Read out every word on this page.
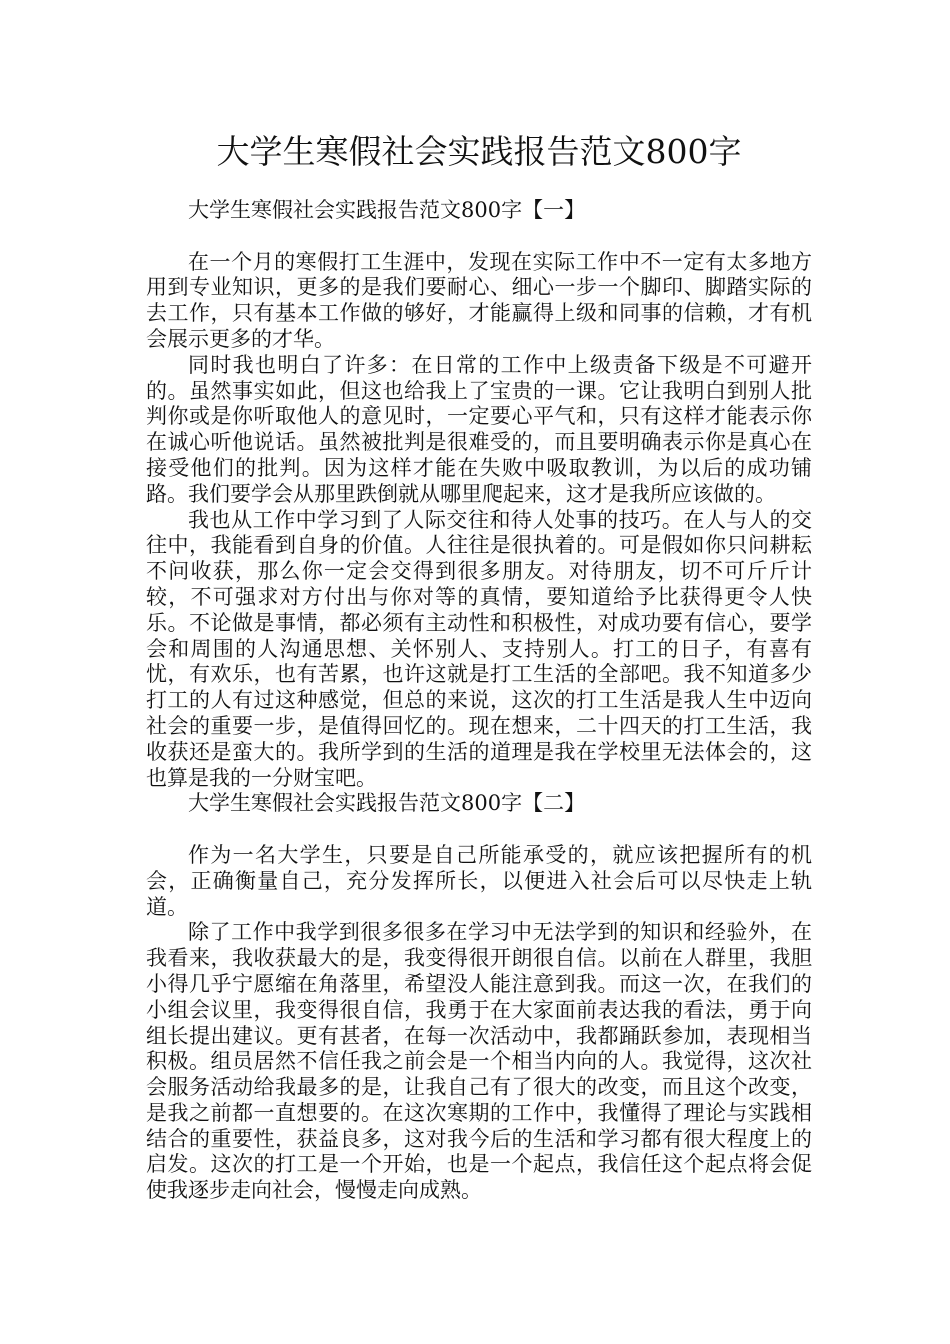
大学生寒假社会实践报告范文800字

大学生寒假社会实践报告范文800字【一】

在一个月的寒假打工生涯中，发现在实际工作中不一定有太多地方用到专业知识，更多的是我们要耐心、细心一步一个脚印、脚踏实际的去工作，只有基本工作做的够好，才能赢得上级和同事的信赖，才有机会展示更多的才华。

同时我也明白了许多：在日常的工作中上级责备下级是不可避开的。虽然事实如此，但这也给我上了宝贵的一课。它让我明白到别人批判你或是你听取他人的意见时，一定要心平气和，只有这样才能表示你在诚心听他说话。虽然被批判是很难受的，而且要明确表示你是真心在接受他们的批判。因为这样才能在失败中吸取教训，为以后的成功铺路。我们要学会从那里跌倒就从哪里爬起来，这才是我所应该做的。

我也从工作中学习到了人际交往和待人处事的技巧。在人与人的交往中，我能看到自身的价值。人往往是很执着的。可是假如你只问耕耘不问收获，那么你一定会交得到很多朋友。对待朋友，切不可斤斤计较，不可强求对方付出与你对等的真情，要知道给予比获得更令人快乐。不论做是事情，都必须有主动性和积极性，对成功要有信心，要学会和周围的人沟通思想、关怀别人、支持别人。打工的日子，有喜有忧，有欢乐，也有苦累，也许这就是打工生活的全部吧。我不知道多少打工的人有过这种感觉，但总的来说，这次的打工生活是我人生中迈向社会的重要一步，是值得回忆的。现在想来，二十四天的打工生活，我收获还是蛮大的。我所学到的生活的道理是我在学校里无法体会的，这也算是我的一分财宝吧。

大学生寒假社会实践报告范文800字【二】

作为一名大学生，只要是自己所能承受的，就应该把握所有的机会，正确衡量自己，充分发挥所长，以便进入社会后可以尽快走上轨道。

除了工作中我学到很多很多在学习中无法学到的知识和经验外，在我看来，我收获最大的是，我变得很开朗很自信。以前在人群里，我胆小得几乎宁愿缩在角落里，希望没人能注意到我。而这一次，在我们的小组会议里，我变得很自信，我勇于在大家面前表达我的看法，勇于向组长提出建议。更有甚者，在每一次活动中，我都踊跃参加，表现相当积极。组员居然不信任我之前会是一个相当内向的人。我觉得，这次社会服务活动给我最多的是，让我自己有了很大的改变，而且这个改变，是我之前都一直想要的。在这次寒期的工作中，我懂得了理论与实践相结合的重要性，获益良多，这对我今后的生活和学习都有很大程度上的启发。这次的打工是一个开始，也是一个起点，我信任这个起点将会促使我逐步走向社会，慢慢走向成熟。
